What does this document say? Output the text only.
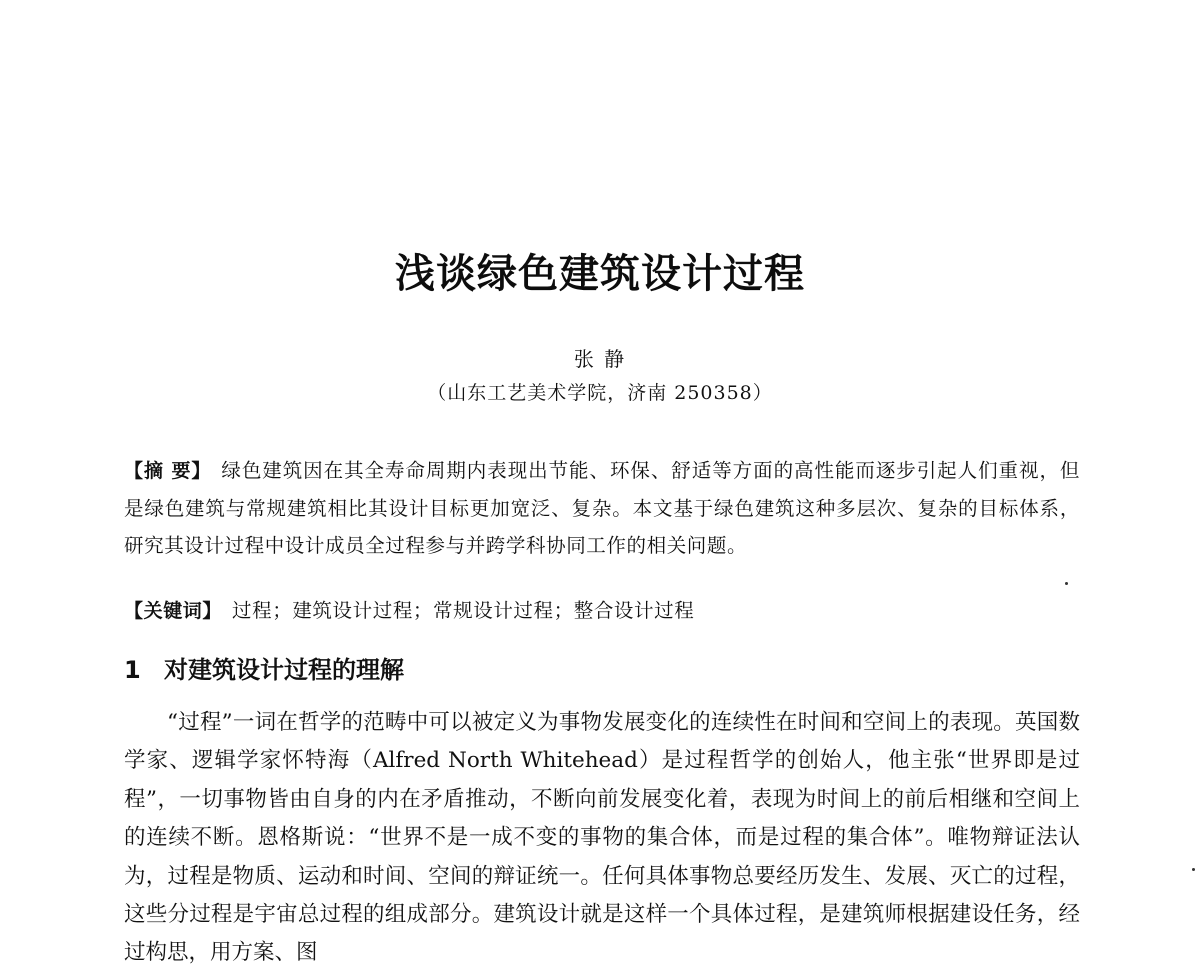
浅谈绿色建筑设计过程
张 静
（山东工艺美术学院，济南 250358）
【摘 要】 绿色建筑因在其全寿命周期内表现出节能、环保、舒适等方面的高性能而逐步引起人们重视，但是绿色建筑与常规建筑相比其设计目标更加宽泛、复杂。本文基于绿色建筑这种多层次、复杂的目标体系，研究其设计过程中设计成员全过程参与并跨学科协同工作的相关问题。
【关键词】 过程；建筑设计过程；常规设计过程；整合设计过程
1 对建筑设计过程的理解
“过程”一词在哲学的范畴中可以被定义为事物发展变化的连续性在时间和空间上的表现。英国数学家、逻辑学家怀特海（Alfred North Whitehead）是过程哲学的创始人，他主张“世界即是过程”，一切事物皆由自身的内在矛盾推动，不断向前发展变化着，表现为时间上的前后相继和空间上的连续不断。恩格斯说：“世界不是一成不变的事物的集合体，而是过程的集合体”。唯物辩证法认为，过程是物质、运动和时间、空间的辩证统一。任何具体事物总要经历发生、发展、灭亡的过程，这些分过程是宇宙总过程的组成部分。建筑设计就是这样一个具体过程，是建筑师根据建设任务，经过构思，用方案、图
